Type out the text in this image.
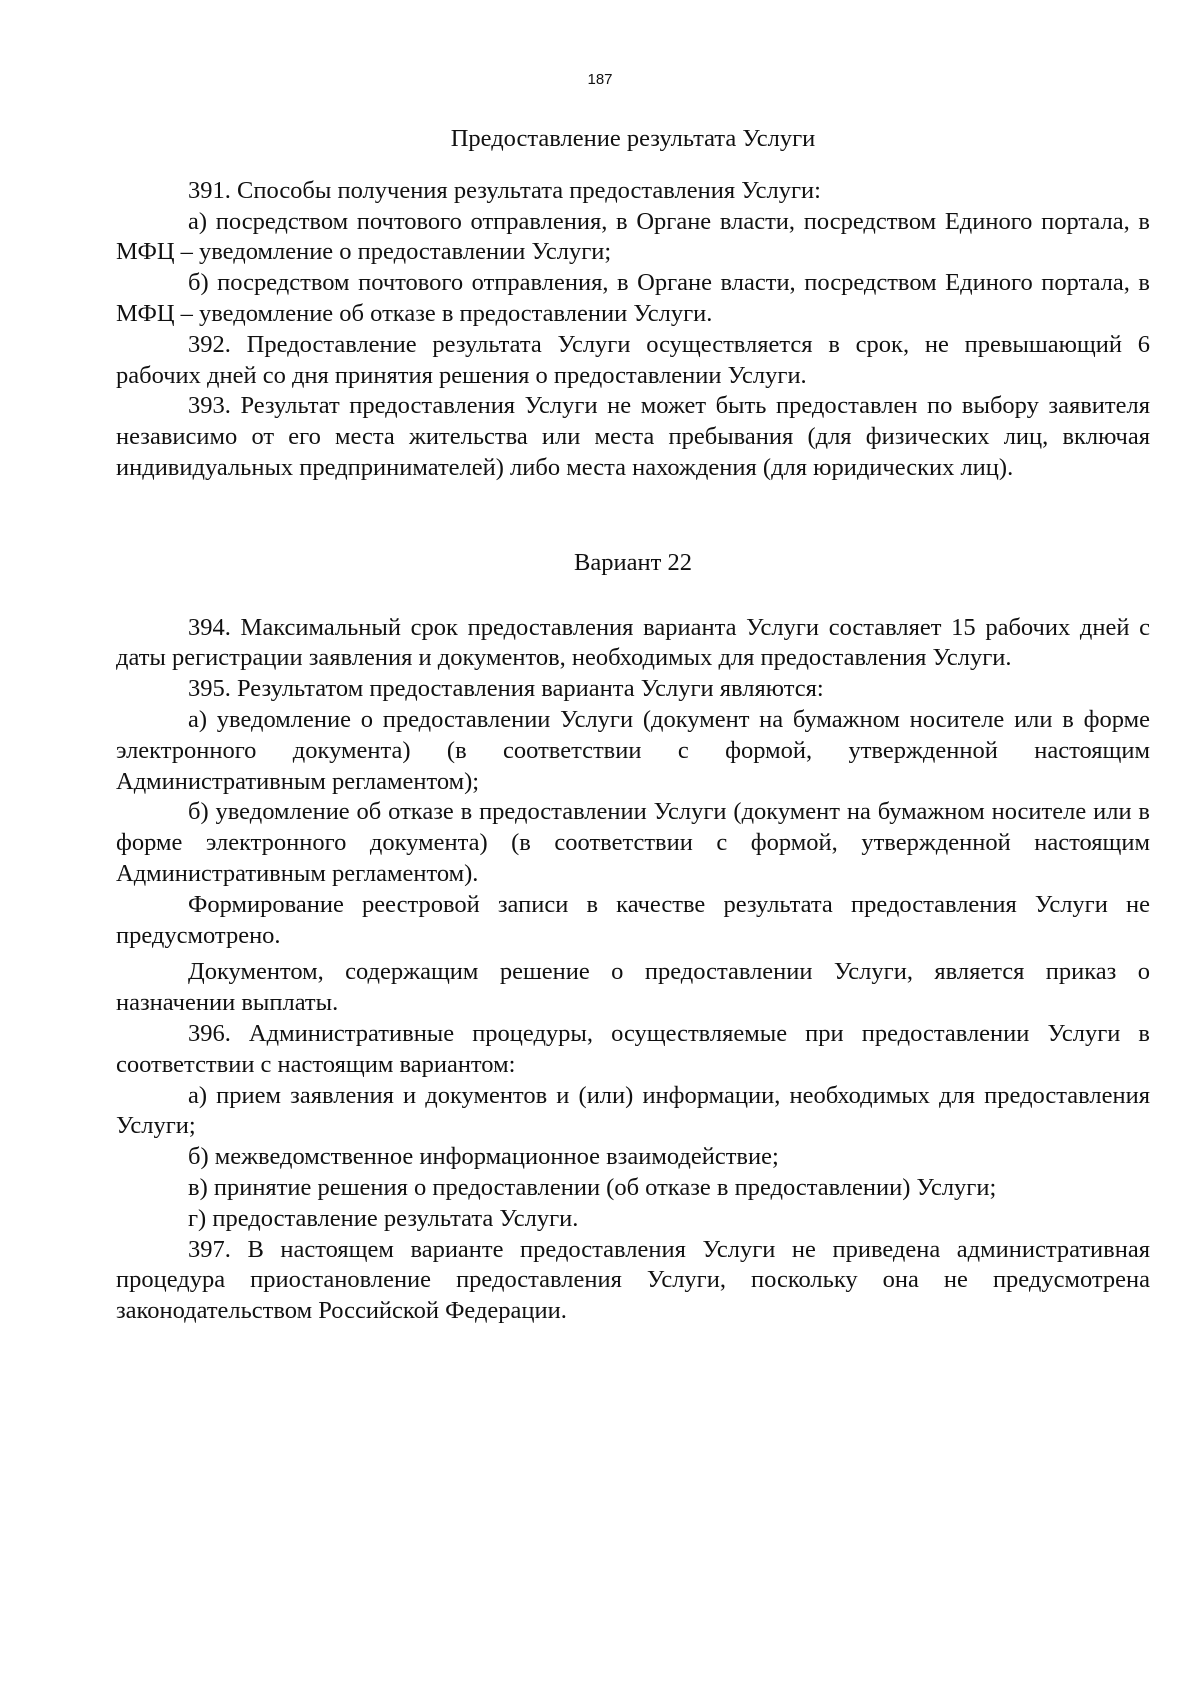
187

Предоставление результата Услуги

391. Способы получения результата предоставления Услуги:

а) посредством почтового отправления, в Органе власти, посредством Единого портала, в МФЦ – уведомление о предоставлении Услуги;

б) посредством почтового отправления, в Органе власти, посредством Единого портала, в МФЦ – уведомление об отказе в предоставлении Услуги.

392. Предоставление результата Услуги осуществляется в срок, не превышающий 6 рабочих дней со дня принятия решения о предоставлении Услуги.

393. Результат предоставления Услуги не может быть предоставлен по выбору заявителя независимо от его места жительства или места пребывания (для физических лиц, включая индивидуальных предпринимателей) либо места нахождения (для юридических лиц).

Вариант 22

394. Максимальный срок предоставления варианта Услуги составляет 15 рабочих дней с даты регистрации заявления и документов, необходимых для предоставления Услуги.

395. Результатом предоставления варианта Услуги являются:

а) уведомление о предоставлении Услуги (документ на бумажном носителе или в форме электронного документа) (в соответствии с формой, утвержденной настоящим Административным регламентом);

б) уведомление об отказе в предоставлении Услуги (документ на бумажном носителе или в форме электронного документа) (в соответствии с формой, утвержденной настоящим Административным регламентом).

Формирование реестровой записи в качестве результата предоставления Услуги не предусмотрено.

Документом, содержащим решение о предоставлении Услуги, является приказ о назначении выплаты.

396. Административные процедуры, осуществляемые при предоставлении Услуги в соответствии с настоящим вариантом:

а) прием заявления и документов и (или) информации, необходимых для предоставления Услуги;

б) межведомственное информационное взаимодействие;

в) принятие решения о предоставлении (об отказе в предоставлении) Услуги;

г) предоставление результата Услуги.

397. В настоящем варианте предоставления Услуги не приведена административная процедура приостановление предоставления Услуги, поскольку она не предусмотрена законодательством Российской Федерации.
